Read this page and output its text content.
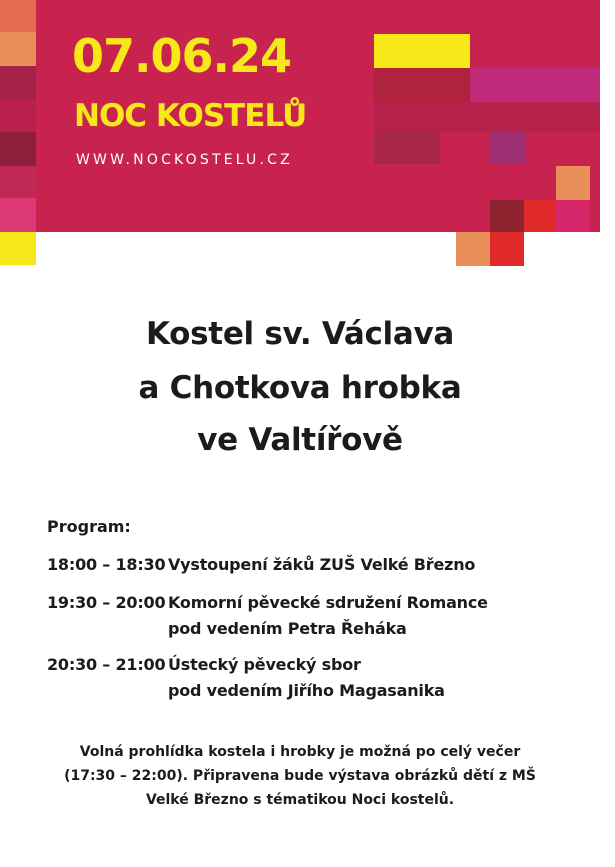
07.06.24
NOC KOSTELŮ
WWW.NOCKOSTELU.CZ
Kostel sv. Václava
a Chotkova hrobka
ve Valtířově
Program:
18:00 – 18:30 Vystoupení žáků ZUŠ Velké Březno
19:30 – 20:00 Komorní pěvecké sdružení Romance
pod vedením Petra Řeháka
20:30 – 21:00 Ústecký pěvecký sbor
pod vedením Jiřího Magasanika
Volná prohlídka kostela i hrobky je možná po celý večer
(17:30 – 22:00). Připravena bude výstava obrázků dětí z MŠ
Velké Březno s tématikou Noci kostelů.
